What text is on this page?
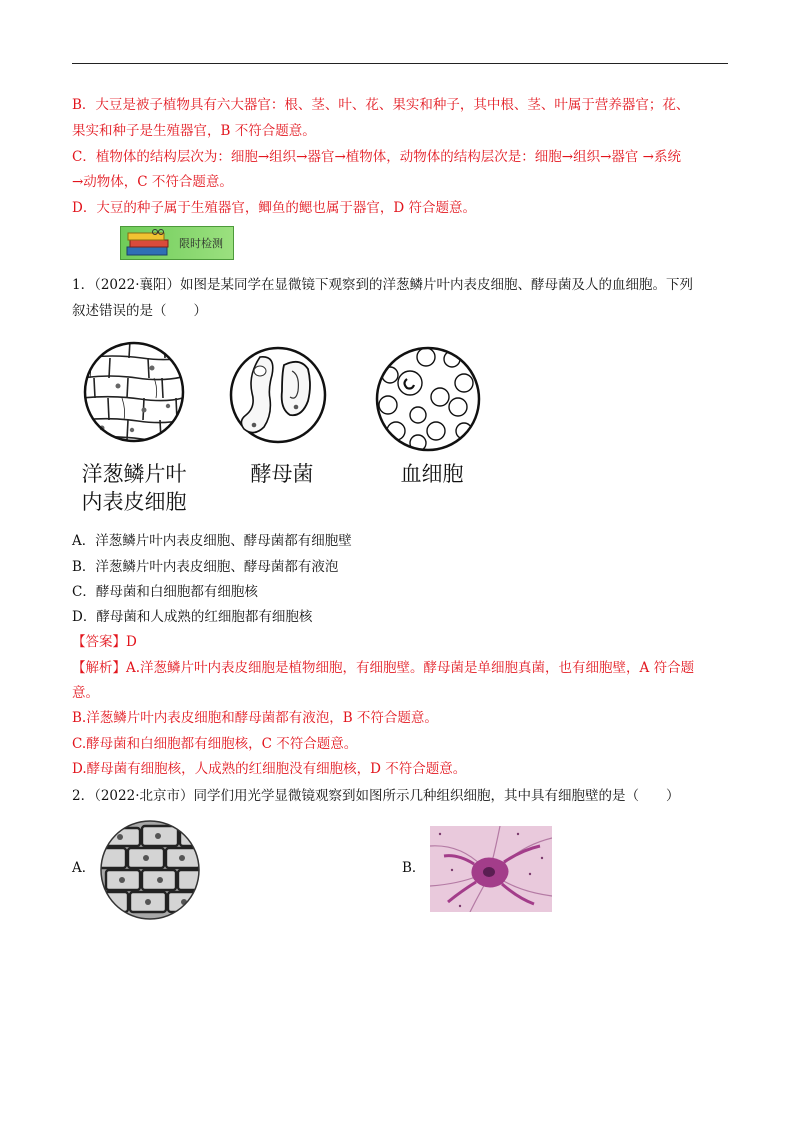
B．大豆是被子植物具有六大器官：根、茎、叶、花、果实和种子，其中根、茎、叶属于营养器官；花、
果实和种子是生殖器官，B 不符合题意。
C．植物体的结构层次为：细胞→组织→器官→植物体，动物体的结构层次是：细胞→组织→器官 →系统
→动物体，C 不符合题意。
D．大豆的种子属于生殖器官，鲫鱼的鳃也属于器官，D 符合题意。
限时检测
1．（2022·襄阳）如图是某同学在显微镜下观察到的洋葱鳞片叶内表皮细胞、酵母菌及人的血细胞。下列
叙述错误的是（　　）
洋葱鳞片叶
内表皮细胞
酵母菌	血细胞
A．洋葱鳞片叶内表皮细胞、酵母菌都有细胞壁
B．洋葱鳞片叶内表皮细胞、酵母菌都有液泡
C．酵母菌和白细胞都有细胞核
D．酵母菌和人成熟的红细胞都有细胞核
【答案】D
【解析】A.洋葱鳞片叶内表皮细胞是植物细胞，有细胞壁。酵母菌是单细胞真菌，也有细胞壁，A 符合题
意。
B.洋葱鳞片叶内表皮细胞和酵母菌都有液泡，B 不符合题意。
C.酵母菌和白细胞都有细胞核，C 不符合题意。
D.酵母菌有细胞核，人成熟的红细胞没有细胞核，D 不符合题意。
2．（2022·北京市）同学们用光学显微镜观察到如图所示几种组织细胞，其中具有细胞壁的是（　　）
A．	B．
